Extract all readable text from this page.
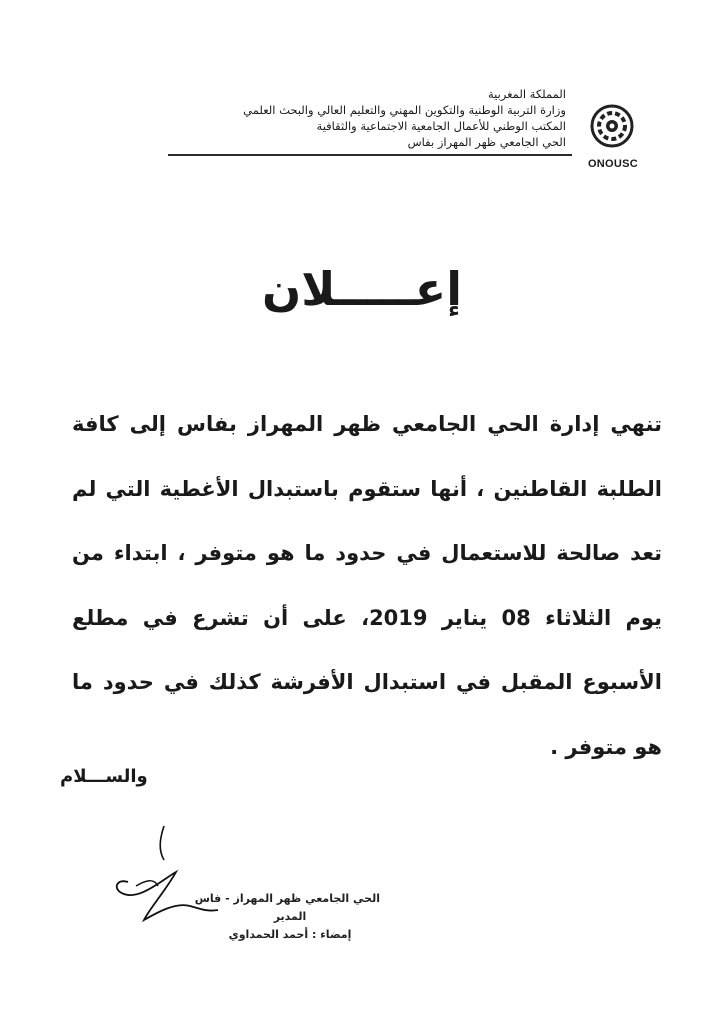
المملكة المغربية
وزارة التربية الوطنية والتكوين المهني والتعليم العالي والبحث العلمي
المكتب الوطني للأعمال الجامعية الاجتماعية والثقافية
الحي الجامعي ظهر المهراز بفاس
ONOUSC
إعـــــلان
تنهي إدارة الحي الجامعي ظهر المهراز بفاس إلى كافة الطلبة القاطنين ، أنها ستقوم باستبدال الأغطية التي لم تعد صالحة للاستعمال في حدود ما هو متوفر ، ابتداء من يوم الثلاثاء 08 يناير 2019، على أن تشرع في مطلع الأسبوع المقبل في استبدال الأفرشة كذلك في حدود ما هو متوفر .
والســـلام
الحي الجامعي ظهر المهراز - فاس
المدير
إمضاء : أحمد الحمداوي
